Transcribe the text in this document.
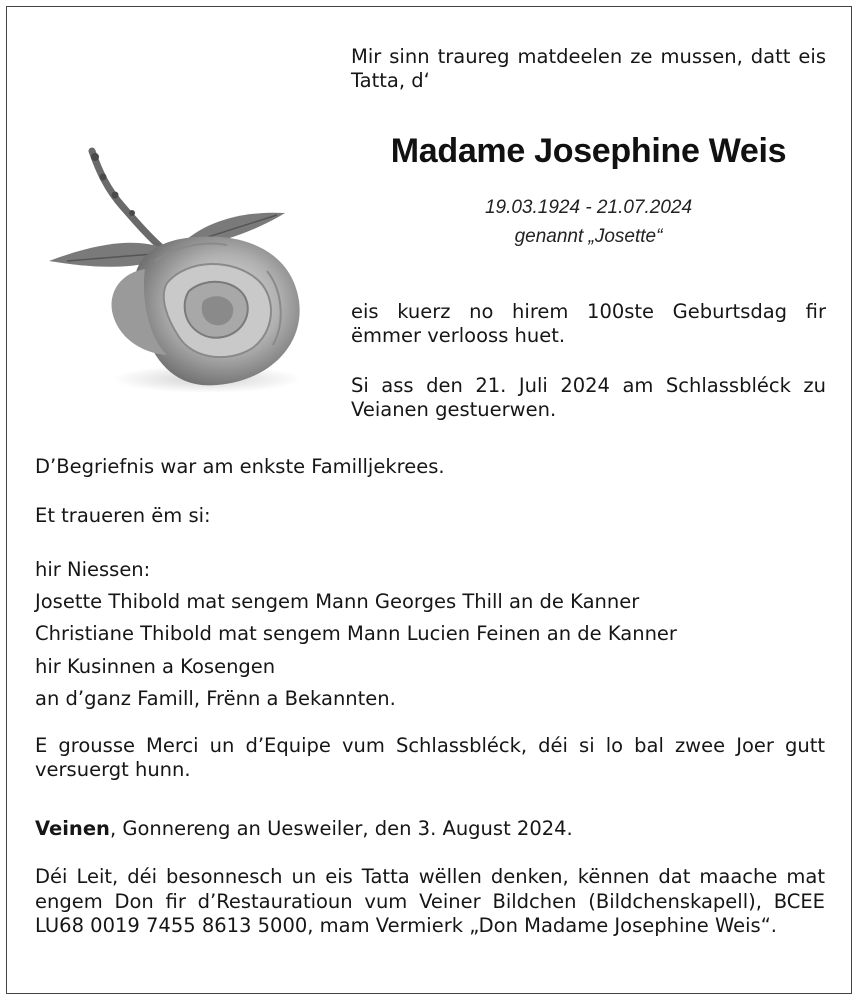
Mir sinn traureg matdeelen ze mussen, datt eis Tatta, d‘

Madame Josephine Weis
19.03.1924 - 21.07.2024
genannt „Josette“

eis kuerz no hirem 100ste Geburtsdag fir ëmmer verlooss huet.

Si ass den 21. Juli 2024 am Schlassbléck zu Veianen gestuerwen.

D’Begriefnis war am enkste Familljekrees.

Et traueren ëm si:

hir Niessen:
Josette Thibold mat sengem Mann Georges Thill an de Kanner
Christiane Thibold mat sengem Mann Lucien Feinen an de Kanner
hir Kusinnen a Kosengen
an d’ganz Famill, Frënn a Bekannten.

E grousse Merci un d’Equipe vum Schlassbléck, déi si lo bal zwee Joer gutt versuergt hunn.

Veinen, Gonnereng an Uesweiler, den 3. August 2024.

Déi Leit, déi besonnesch un eis Tatta wëllen denken, kënnen dat maache mat engem Don fir d’Restauratioun vum Veiner Bildchen (Bildchenskapell), BCEE LU68 0019 7455 8613 5000, mam Vermierk „Don Madame Josephine Weis“.
